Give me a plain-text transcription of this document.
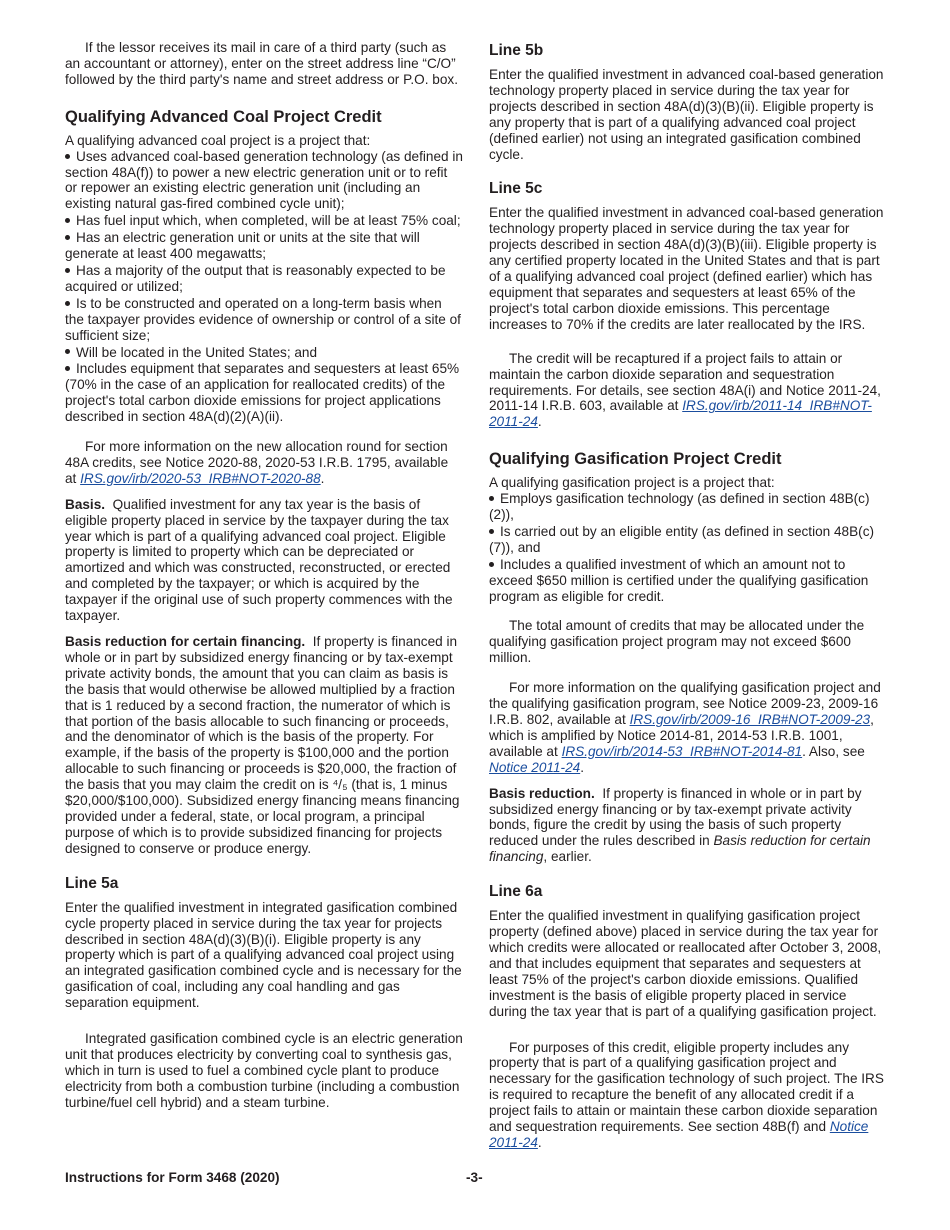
If the lessor receives its mail in care of a third party (such as an accountant or attorney), enter on the street address line “C/O” followed by the third party's name and street address or P.O. box.

Qualifying Advanced Coal Project Credit

A qualifying advanced coal project is a project that:

Uses advanced coal-based generation technology (as defined in section 48A(f)) to power a new electric generation unit or to refit or repower an existing electric generation unit (including an existing natural gas-fired combined cycle unit);
Has fuel input which, when completed, will be at least 75% coal;
Has an electric generation unit or units at the site that will generate at least 400 megawatts;
Has a majority of the output that is reasonably expected to be acquired or utilized;
Is to be constructed and operated on a long-term basis when the taxpayer provides evidence of ownership or control of a site of sufficient size;
Will be located in the United States; and
Includes equipment that separates and sequesters at least 65% (70% in the case of an application for reallocated credits) of the project's total carbon dioxide emissions for project applications described in section 48A(d)(2)(A)(ii).

For more information on the new allocation round for section 48A credits, see Notice 2020-88, 2020-53 I.R.B. 1795, available at IRS.gov/irb/2020-53_IRB#NOT-2020-88.

Basis. Qualified investment for any tax year is the basis of eligible property placed in service by the taxpayer during the tax year which is part of a qualifying advanced coal project. Eligible property is limited to property which can be depreciated or amortized and which was constructed, reconstructed, or erected and completed by the taxpayer; or which is acquired by the taxpayer if the original use of such property commences with the taxpayer.

Basis reduction for certain financing. If property is financed in whole or in part by subsidized energy financing or by tax-exempt private activity bonds, the amount that you can claim as basis is the basis that would otherwise be allowed multiplied by a fraction that is 1 reduced by a second fraction, the numerator of which is that portion of the basis allocable to such financing or proceeds, and the denominator of which is the basis of the property. For example, if the basis of the property is $100,000 and the portion allocable to such financing or proceeds is $20,000, the fraction of the basis that you may claim the credit on is ⁴/₅ (that is, 1 minus $20,000/$100,000). Subsidized energy financing means financing provided under a federal, state, or local program, a principal purpose of which is to provide subsidized financing for projects designed to conserve or produce energy.

Line 5a

Enter the qualified investment in integrated gasification combined cycle property placed in service during the tax year for projects described in section 48A(d)(3)(B)(i). Eligible property is any property which is part of a qualifying advanced coal project using an integrated gasification combined cycle and is necessary for the gasification of coal, including any coal handling and gas separation equipment.

Integrated gasification combined cycle is an electric generation unit that produces electricity by converting coal to synthesis gas, which in turn is used to fuel a combined cycle plant to produce electricity from both a combustion turbine (including a combustion turbine/fuel cell hybrid) and a steam turbine.

Line 5b

Enter the qualified investment in advanced coal-based generation technology property placed in service during the tax year for projects described in section 48A(d)(3)(B)(ii). Eligible property is any property that is part of a qualifying advanced coal project (defined earlier) not using an integrated gasification combined cycle.

Line 5c

Enter the qualified investment in advanced coal-based generation technology property placed in service during the tax year for projects described in section 48A(d)(3)(B)(iii). Eligible property is any certified property located in the United States and that is part of a qualifying advanced coal project (defined earlier) which has equipment that separates and sequesters at least 65% of the project's total carbon dioxide emissions. This percentage increases to 70% if the credits are later reallocated by the IRS.

The credit will be recaptured if a project fails to attain or maintain the carbon dioxide separation and sequestration requirements. For details, see section 48A(i) and Notice 2011-24, 2011-14 I.R.B. 603, available at IRS.gov/irb/2011-14_IRB#NOT-2011-24.

Qualifying Gasification Project Credit

A qualifying gasification project is a project that:

Employs gasification technology (as defined in section 48B(c)(2)),
Is carried out by an eligible entity (as defined in section 48B(c)(7)), and
Includes a qualified investment of which an amount not to exceed $650 million is certified under the qualifying gasification program as eligible for credit.

The total amount of credits that may be allocated under the qualifying gasification project program may not exceed $600 million.

For more information on the qualifying gasification project and the qualifying gasification program, see Notice 2009-23, 2009-16 I.R.B. 802, available at IRS.gov/irb/2009-16_IRB#NOT-2009-23, which is amplified by Notice 2014-81, 2014-53 I.R.B. 1001, available at IRS.gov/irb/2014-53_IRB#NOT-2014-81. Also, see Notice 2011-24.

Basis reduction. If property is financed in whole or in part by subsidized energy financing or by tax-exempt private activity bonds, figure the credit by using the basis of such property reduced under the rules described in Basis reduction for certain financing, earlier.

Line 6a

Enter the qualified investment in qualifying gasification project property (defined above) placed in service during the tax year for which credits were allocated or reallocated after October 3, 2008, and that includes equipment that separates and sequesters at least 75% of the project's carbon dioxide emissions. Qualified investment is the basis of eligible property placed in service during the tax year that is part of a qualifying gasification project.

For purposes of this credit, eligible property includes any property that is part of a qualifying gasification project and necessary for the gasification technology of such project. The IRS is required to recapture the benefit of any allocated credit if a project fails to attain or maintain these carbon dioxide separation and sequestration requirements. See section 48B(f) and Notice 2011-24.

Instructions for Form 3468 (2020)	-3-
